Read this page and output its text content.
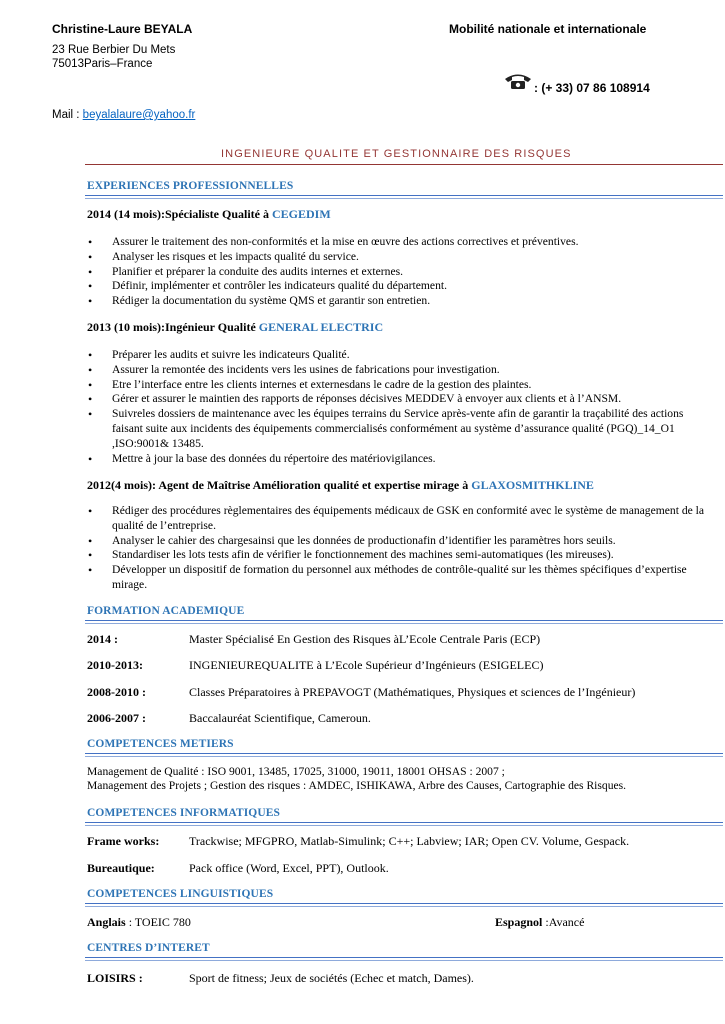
Christine-Laure BEYALA	Mobilité nationale et internationale
23 Rue Berbier Du Mets
75013Paris–France
: (+ 33) 07 86 108914
Mail : beyalalaure@yahoo.fr
INGENIEURE QUALITE ET GESTIONNAIRE DES RISQUES
EXPERIENCES PROFESSIONNELLES
2014 (14 mois):Spécialiste Qualité à CEGEDIM
• Assurer le traitement des non-conformités et la mise en œuvre des actions correctives et préventives.
• Analyser les risques et les impacts qualité du service.
• Planifier et préparer la conduite des audits internes et externes.
• Définir, implémenter et contrôler les indicateurs qualité du département.
• Rédiger la documentation du système QMS et garantir son entretien.
2013 (10 mois):Ingénieur Qualité GENERAL ELECTRIC
• Préparer les audits et suivre les indicateurs Qualité.
• Assurer la remontée des incidents vers les usines de fabrications pour investigation.
• Etre l’interface entre les clients internes et externesdans le cadre de la gestion des plaintes.
• Gérer et assurer le maintien des rapports de réponses décisives MEDDEV à envoyer aux clients et à l’ANSM.
• Suivreles dossiers de maintenance avec les équipes terrains du Service après-vente afin de garantir la traçabilité des actions faisant suite aux incidents des équipements commercialisés conformément au système d’assurance qualité (PGQ)_14_O1 ,ISO:9001& 13485.
• Mettre à jour la base des données du répertoire des matériovigilances.
2012(4 mois): Agent de Maîtrise Amélioration qualité et expertise mirage à GLAXOSMITHKLINE
• Rédiger des procédures règlementaires des équipements médicaux de GSK en conformité avec le système de management de la qualité de l’entreprise.
• Analyser le cahier des chargesainsi que les données de productionafin d’identifier les paramètres hors seuils.
• Standardiser les lots tests afin de vérifier le fonctionnement des machines semi-automatiques (les mireuses).
• Développer un dispositif de formation du personnel aux méthodes de contrôle-qualité sur les thèmes spécifiques d’expertise mirage.
FORMATION ACADEMIQUE
2014 :	Master Spécialisé En Gestion des Risques àL’Ecole Centrale Paris (ECP)
2010-2013:	INGENIEUREQUALITE à L’Ecole Supérieur d’Ingénieurs (ESIGELEC)
2008-2010 :	Classes Préparatoires à PREPAVOGT (Mathématiques, Physiques et sciences de l’Ingénieur)
2006-2007 :	Baccalauréat Scientifique, Cameroun.
COMPETENCES METIERS
Management de Qualité : ISO 9001, 13485, 17025, 31000, 19011, 18001 OHSAS : 2007 ;
Management des Projets ; Gestion des risques : AMDEC, ISHIKAWA, Arbre des Causes, Cartographie des Risques.
COMPETENCES INFORMATIQUES
Frame works: Trackwise; MFGPRO, Matlab-Simulink; C++; Labview; IAR; Open CV. Volume, Gespack.
Bureautique:	Pack office (Word, Excel, PPT), Outlook.
COMPETENCES LINGUISTIQUES
Anglais : TOEIC 780	Espagnol :Avancé
CENTRES D’INTERET
LOISIRS :	Sport de fitness; Jeux de sociétés (Echec et match, Dames).
